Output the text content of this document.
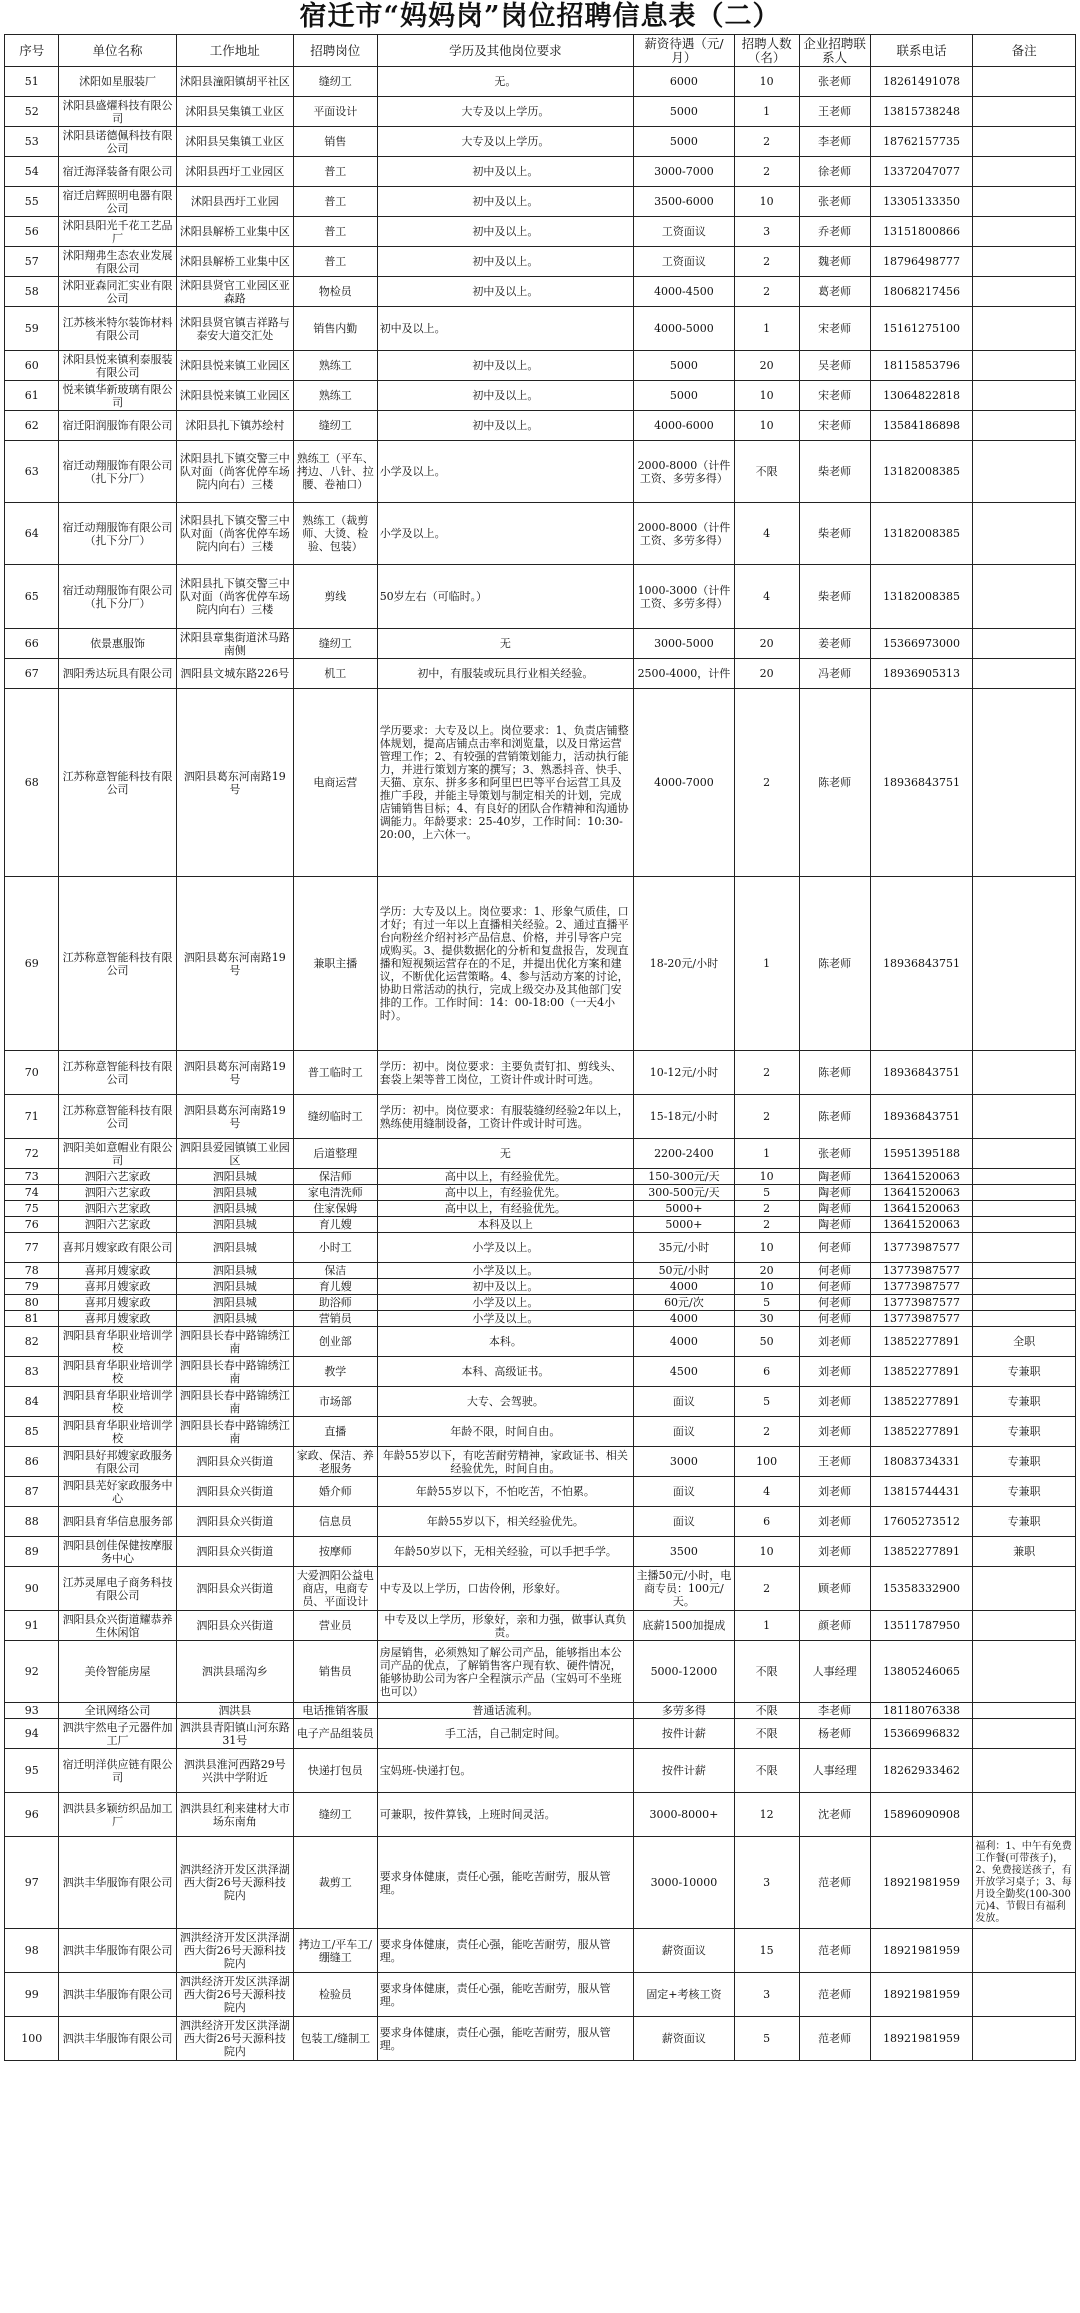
宿迁市“妈妈岗”岗位招聘信息表（二）
序号	单位名称	工作地址	招聘岗位	学历及其他岗位要求	薪资待遇（元/月）	招聘人数（名）	企业招聘联系人	联系电话	备注
51	沭阳如星服装厂	沭阳县潼阳镇胡平社区	缝纫工	无。	6000	10	张老师	18261491078	
52	沭阳县盛燿科技有限公司	沭阳县吴集镇工业区	平面设计	大专及以上学历。	5000	1	王老师	13815738248	
53	沭阳县诺德佩科技有限公司	沭阳县吴集镇工业区	销售	大专及以上学历。	5000	2	李老师	18762157735	
54	宿迁海泽装备有限公司	沭阳县西圩工业园区	普工	初中及以上。	3000-7000	2	徐老师	13372047077	
55	宿迁启辉照明电器有限公司	沭阳县西圩工业园	普工	初中及以上。	3500-6000	10	张老师	13305133350	
56	沭阳县阳光千花工艺品厂	沭阳县解桥工业集中区	普工	初中及以上。	工资面议	3	乔老师	13151800866	
57	沭阳翔弗生态农业发展有限公司	沭阳县解桥工业集中区	普工	初中及以上。	工资面议	2	魏老师	18796498777	
58	沭阳亚森同汇实业有限公司	沭阳县贤官工业园区亚森路	物检员	初中及以上。	4000-4500	2	葛老师	18068217456	
59	江苏核米特尔装饰材料有限公司	沭阳县贤官镇吉祥路与泰安大道交汇处	销售内勤	初中及以上。	4000-5000	1	宋老师	15161275100	
60	沭阳县悦来镇利泰服装有限公司	沭阳县悦来镇工业园区	熟练工	初中及以上。	5000	20	吴老师	18115853796	
61	悦来镇华新玻璃有限公司	沭阳县悦来镇工业园区	熟练工	初中及以上。	5000	10	宋老师	13064822818	
62	宿迁阳润服饰有限公司	沭阳县扎下镇苏绘村	缝纫工	初中及以上。	4000-6000	10	宋老师	13584186898	
63	宿迁动翔服饰有限公司（扎下分厂）	沭阳县扎下镇交警三中队对面（尚客优停车场院内向右）三楼	熟练工（平车、拷边、八针、拉腰、卷袖口）	小学及以上。	2000-8000（计件工资、多劳多得）	不限	柴老师	13182008385	
64	宿迁动翔服饰有限公司（扎下分厂）	沭阳县扎下镇交警三中队对面（尚客优停车场院内向右）三楼	熟练工（裁剪师、大烫、检验、包装）	小学及以上。	2000-8000（计件工资、多劳多得）	4	柴老师	13182008385	
65	宿迁动翔服饰有限公司（扎下分厂）	沭阳县扎下镇交警三中队对面（尚客优停车场院内向右）三楼	剪线	50岁左右（可临时。）	1000-3000（计件工资、多劳多得）	4	柴老师	13182008385	
66	依景惠服饰	沭阳县章集街道沭马路南侧	缝纫工	无	3000-5000	20	姜老师	15366973000	
67	泗阳秀达玩具有限公司	泗阳县文城东路226号	机工	初中，有服装或玩具行业相关经验。	2500-4000，计件	20	冯老师	18936905313	
68	江苏称意智能科技有限公司	泗阳县葛东河南路19号	电商运营	学历要求：大专及以上。岗位要求：1、负责店铺整体规划，提高店铺点击率和浏览量，以及日常运营管理工作；2、有较强的营销策划能力，活动执行能力，并进行策划方案的撰写；3、熟悉抖音、快手、天猫、京东、拼多多和阿里巴巴等平台运营工具及推广手段，并能主导策划与制定相关的计划，完成店铺销售目标；4、有良好的团队合作精神和沟通协调能力。年龄要求：25-40岁，工作时间：10:30-20:00，上六休一。	4000-7000	2	陈老师	18936843751	
69	江苏称意智能科技有限公司	泗阳县葛东河南路19号	兼职主播	学历：大专及以上。岗位要求：1、形象气质佳，口才好；有过一年以上直播相关经验。2、通过直播平台向粉丝介绍衬衫产品信息、价格，并引导客户完成购买。3、提供数据化的分析和复盘报告，发现直播和短视频运营存在的不足，并提出优化方案和建议，不断优化运营策略。4、参与活动方案的讨论，协助日常活动的执行，完成上级交办及其他部门安排的工作。工作时间：14：00-18:00（一天4小时）。	18-20元/小时	1	陈老师	18936843751	
70	江苏称意智能科技有限公司	泗阳县葛东河南路19号	普工临时工	学历：初中。岗位要求：主要负责钉扣、剪线头、套袋上架等普工岗位，工资计件或计时可选。	10-12元/小时	2	陈老师	18936843751	
71	江苏称意智能科技有限公司	泗阳县葛东河南路19号	缝纫临时工	学历：初中。岗位要求：有服装缝纫经验2年以上，熟练使用缝制设备，工资计件或计时可选。	15-18元/小时	2	陈老师	18936843751	
72	泗阳美如意帽业有限公司	泗阳县爱园镇镇工业园区	后道整理	无	2200-2400	1	张老师	15951395188	
73	泗阳六艺家政	泗阳县城	保洁师	高中以上，有经验优先。	150-300元/天	10	陶老师	13641520063	
74	泗阳六艺家政	泗阳县城	家电清洗师	高中以上，有经验优先。	300-500元/天	5	陶老师	13641520063	
75	泗阳六艺家政	泗阳县城	住家保姆	高中以上，有经验优先。	5000+	2	陶老师	13641520063	
76	泗阳六艺家政	泗阳县城	育儿嫂	本科及以上	5000+	2	陶老师	13641520063	
77	喜邦月嫂家政有限公司	泗阳县城	小时工	小学及以上。	35元/小时	10	何老师	13773987577	
78	喜邦月嫂家政	泗阳县城	保洁	小学及以上。	50元/小时	20	何老师	13773987577	
79	喜邦月嫂家政	泗阳县城	育儿嫂	初中及以上。	4000	10	何老师	13773987577	
80	喜邦月嫂家政	泗阳县城	助浴师	小学及以上。	60元/次	5	何老师	13773987577	
81	喜邦月嫂家政	泗阳县城	营销员	小学及以上。	4000	30	何老师	13773987577	
82	泗阳县育华职业培训学校	泗阳县长春中路锦绣江南	创业部	本科。	4000	50	刘老师	13852277891	全职
83	泗阳县育华职业培训学校	泗阳县长春中路锦绣江南	教学	本科、高级证书。	4500	6	刘老师	13852277891	专兼职
84	泗阳县育华职业培训学校	泗阳县长春中路锦绣江南	市场部	大专、会驾驶。	面议	5	刘老师	13852277891	专兼职
85	泗阳县育华职业培训学校	泗阳县长春中路锦绣江南	直播	年龄不限，时间自由。	面议	2	刘老师	13852277891	专兼职
86	泗阳县好邦嫂家政服务有限公司	泗阳县众兴街道	家政、保洁、养老服务	年龄55岁以下，有吃苦耐劳精神，家政证书、相关经验优先，时间自由。	3000	100	王老师	18083734331	专兼职
87	泗阳县芜好家政服务中心	泗阳县众兴街道	婚介师	年龄55岁以下，不怕吃苦，不怕累。	面议	4	刘老师	13815744431	专兼职
88	泗阳县育华信息服务部	泗阳县众兴街道	信息员	年龄55岁以下，相关经验优先。	面议	6	刘老师	17605273512	专兼职
89	泗阳县创佳保健按摩服务中心	泗阳县众兴街道	按摩师	年龄50岁以下，无相关经验，可以手把手学。	3500	10	刘老师	13852277891	兼职
90	江苏灵犀电子商务科技有限公司	泗阳县众兴街道	大爱泗阳公益电商店，电商专员、平面设计	中专及以上学历，口齿伶俐，形象好。	主播50元/小时，电商专员：100元/天。	2	顾老师	15358332900	
91	泗阳县众兴街道耀恭养生休闲馆	泗阳县众兴街道	营业员	中专及以上学历，形象好，亲和力强，做事认真负责。	底薪1500加提成	1	颜老师	13511787950	
92	美伶智能房屋	泗洪县瑶沟乡	销售员	房屋销售，必须熟知了解公司产品，能够指出本公司产品的优点，了解销售客户现有软、硬件情况，能够协助公司为客户全程演示产品（宝妈可不坐班也可以）	5000-12000	不限	人事经理	13805246065	
93	全讯网络公司	泗洪县	电话推销客服	普通话流利。	多劳多得	不限	李老师	18118076338	
94	泗洪宇然电子元器件加工厂	泗洪县青阳镇山河东路31号	电子产品组装员	手工活，自己制定时间。	按件计薪	不限	杨老师	15366996832	
95	宿迁明洋供应链有限公司	泗洪县淮河西路29号兴洪中学附近	快递打包员	宝妈班-快递打包。	按件计薪	不限	人事经理	18262933462	
96	泗洪县多颖纺织品加工厂	泗洪县红利来建材大市场东南角	缝纫工	可兼职，按件算钱，上班时间灵活。	3000-8000+	12	沈老师	15896090908	
97	泗洪丰华服饰有限公司	泗洪经济开发区洪泽湖西大街26号天源科技院内	裁剪工	要求身体健康，责任心强，能吃苦耐劳，服从管理。	3000-10000	3	范老师	18921981959	福利：1、中午有免费工作餐(可带孩子)，2、免费接送孩子，有开放学习桌子；3、每月设全勤奖(100-300元)4、节假日有福利发放。
98	泗洪丰华服饰有限公司	泗洪经济开发区洪泽湖西大街26号天源科技院内	拷边工/平车工/绷缝工	要求身体健康，责任心强，能吃苦耐劳，服从管理。	薪资面议	15	范老师	18921981959	
99	泗洪丰华服饰有限公司	泗洪经济开发区洪泽湖西大街26号天源科技院内	检验员	要求身体健康，责任心强，能吃苦耐劳，服从管理。	固定+考核工资	3	范老师	18921981959	
100	泗洪丰华服饰有限公司	泗洪经济开发区洪泽湖西大街26号天源科技院内	包装工/缝制工	要求身体健康，责任心强，能吃苦耐劳，服从管理。	薪资面议	5	范老师	18921981959	
